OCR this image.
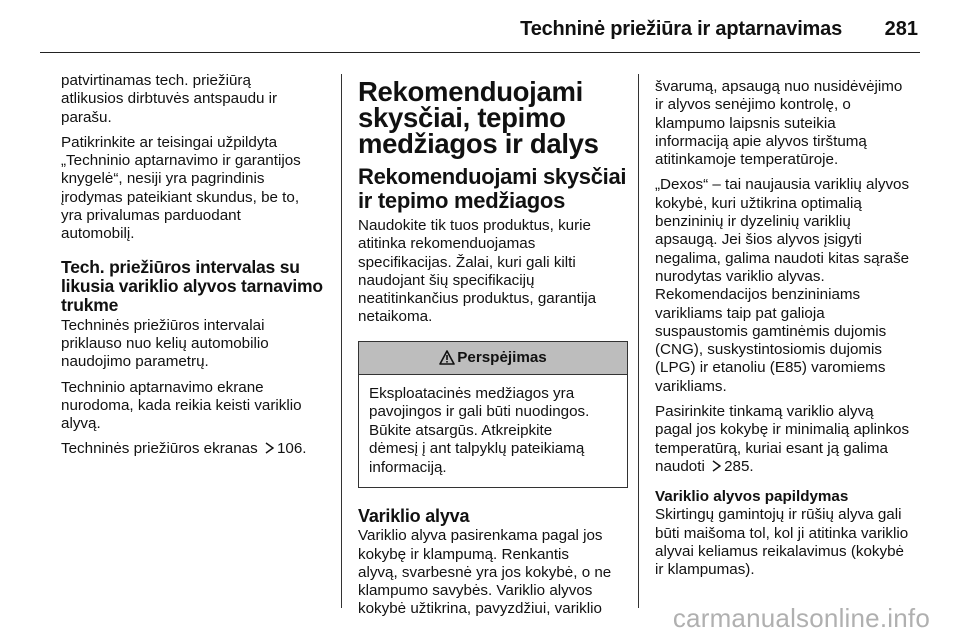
Techninė priežiūra ir aptarnavimas 281

patvirtinamas tech. priežiūrą
atlikusios dirbtuvės antspaudu ir
parašu.

Patikrinkite ar teisingai užpildyta
„Techninio aptarnavimo ir garantijos
knygelė“, nesiji yra pagrindinis
įrodymas pateikiant skundus, be to,
yra privalumas parduodant
automobilį.

Tech. priežiūros intervalas su
likusia variklio alyvos tarnavimo
trukme

Techninės priežiūros intervalai
priklauso nuo kelių automobilio
naudojimo parametrų.

Techninio aptarnavimo ekrane
nurodoma, kada reikia keisti variklio
alyvą.

Techninės priežiūros ekranas 106.

Rekomenduojami
skysčiai, tepimo
medžiagos ir dalys
Rekomenduojami skysčiai
ir tepimo medžiagos

Naudokite tik tuos produktus, kurie
atitinka rekomenduojamas
specifikacijas. Žalai, kuri gali kilti
naudojant šių specifikacijų
neatitinkančius produktus, garantija
netaikoma.

Perspėjimas
Eksploatacinės medžiagos yra
pavojingos ir gali būti nuodingos.
Būkite atsargūs. Atkreipkite
dėmesį į ant talpyklų pateikiamą
informaciją.
Variklio alyva

Variklio alyva pasirenkama pagal jos
kokybę ir klampumą. Renkantis
alyvą, svarbesnė yra jos kokybė, o ne
klampumo savybės. Variklio alyvos
kokybė užtikrina, pavyzdžiui, variklio

švarumą, apsaugą nuo nusidėvėjimo
ir alyvos senėjimo kontrolę, o
klampumo laipsnis suteikia
informaciją apie alyvos tirštumą
atitinkamoje temperatūroje.

„Dexos“ – tai naujausia variklių alyvos
kokybė, kuri užtikrina optimalią
benzininių ir dyzelinių variklių
apsaugą. Jei šios alyvos įsigyti
negalima, galima naudoti kitas sąraše
nurodytas variklio alyvas.
Rekomendacijos benzininiams
varikliams taip pat galioja
suspaustomis gamtinėmis dujomis
(CNG), suskystintosiomis dujomis
(LPG) ir etanoliu (E85) varomiems
varikliams.

Pasirinkite tinkamą variklio alyvą
pagal jos kokybę ir minimalią aplinkos
temperatūrą, kuriai esant ją galima
naudoti 285.

Variklio alyvos papildymas

Skirtingų gamintojų ir rūšių alyva gali
būti maišoma tol, kol ji atitinka variklio
alyvai keliamus reikalavimus (kokybė
ir klampumas).

carmanualsonline.info
